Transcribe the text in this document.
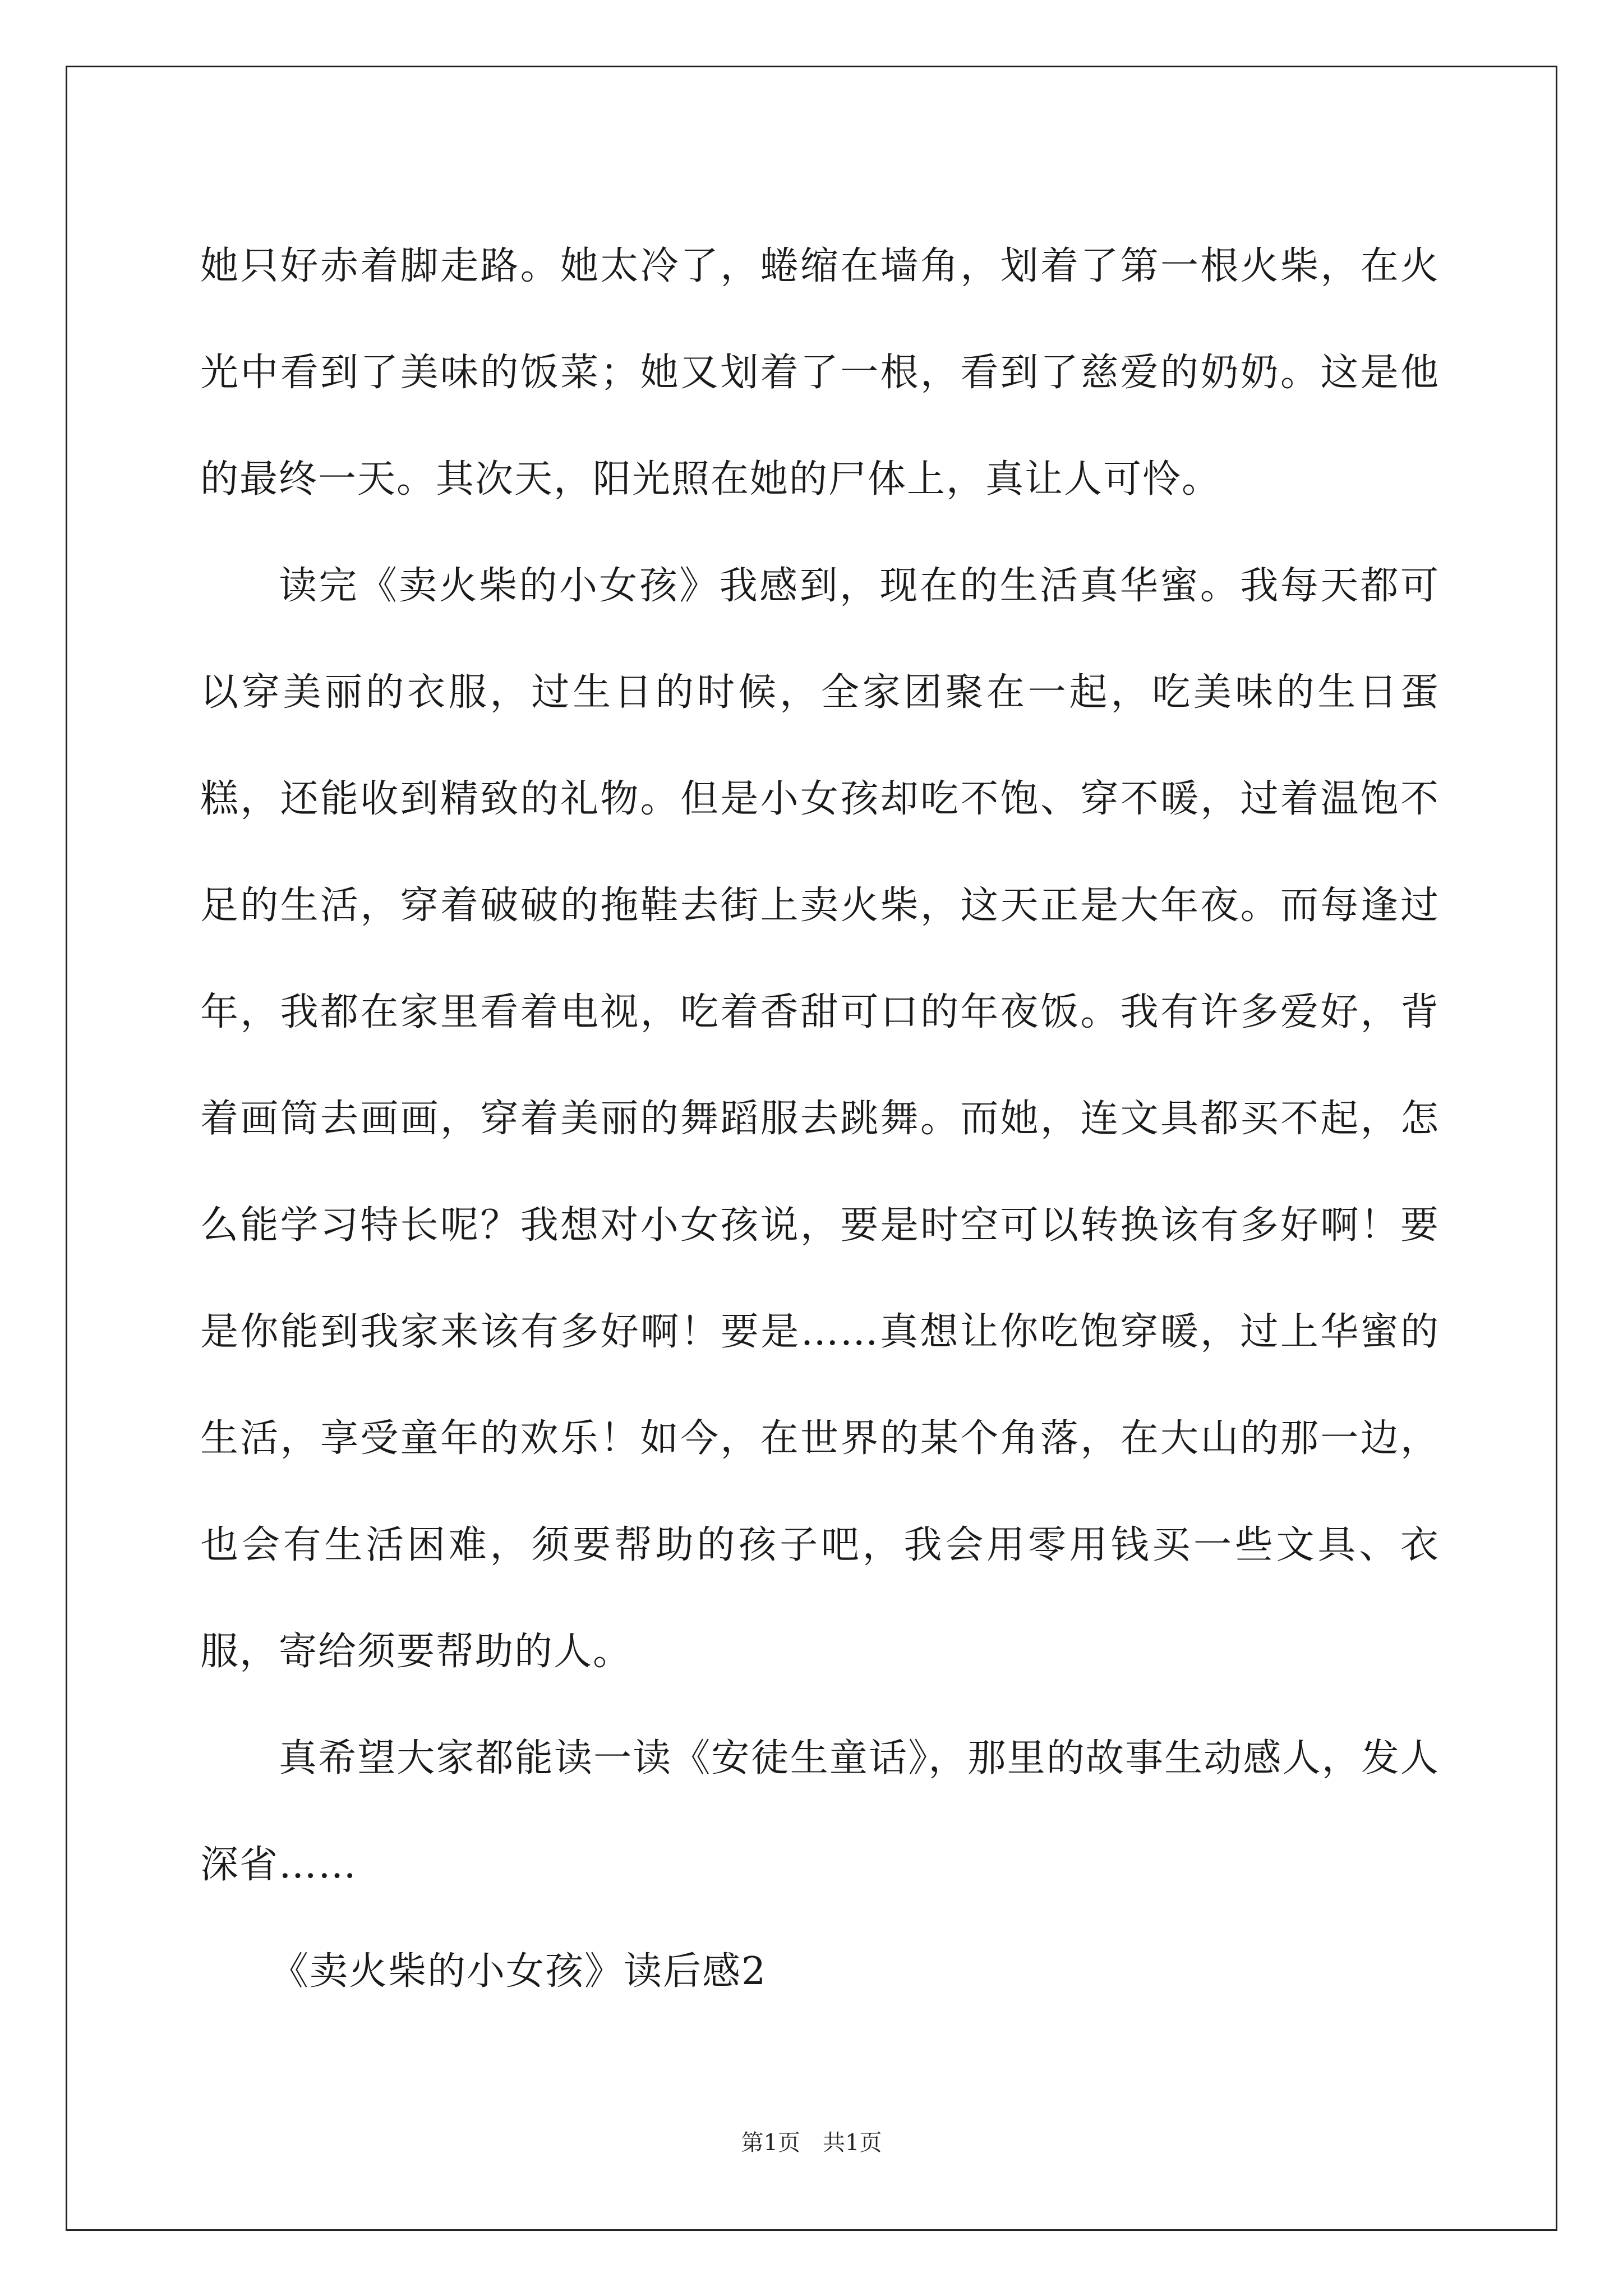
她只好赤着脚走路。她太冷了，蜷缩在墙角，划着了第一根火柴，在火光中看到了美味的饭菜；她又划着了一根，看到了慈爱的奶奶。这是他的最终一天。其次天，阳光照在她的尸体上，真让人可怜。

读完《卖火柴的小女孩》我感到，现在的生活真华蜜。我每天都可以穿美丽的衣服，过生日的时候，全家团聚在一起，吃美味的生日蛋糕，还能收到精致的礼物。但是小女孩却吃不饱、穿不暖，过着温饱不足的生活，穿着破破的拖鞋去街上卖火柴，这天正是大年夜。而每逢过年，我都在家里看着电视，吃着香甜可口的年夜饭。我有许多爱好，背着画筒去画画，穿着美丽的舞蹈服去跳舞。而她，连文具都买不起，怎么能学习特长呢？我想对小女孩说，要是时空可以转换该有多好啊！要是你能到我家来该有多好啊！要是……真想让你吃饱穿暖，过上华蜜的生活，享受童年的欢乐！如今，在世界的某个角落，在大山的那一边，也会有生活困难，须要帮助的孩子吧，我会用零用钱买一些文具、衣服，寄给须要帮助的人。

真希望大家都能读一读《安徒生童话》，那里的故事生动感人，发人深省……

《卖火柴的小女孩》读后感2

第1页　共1页
